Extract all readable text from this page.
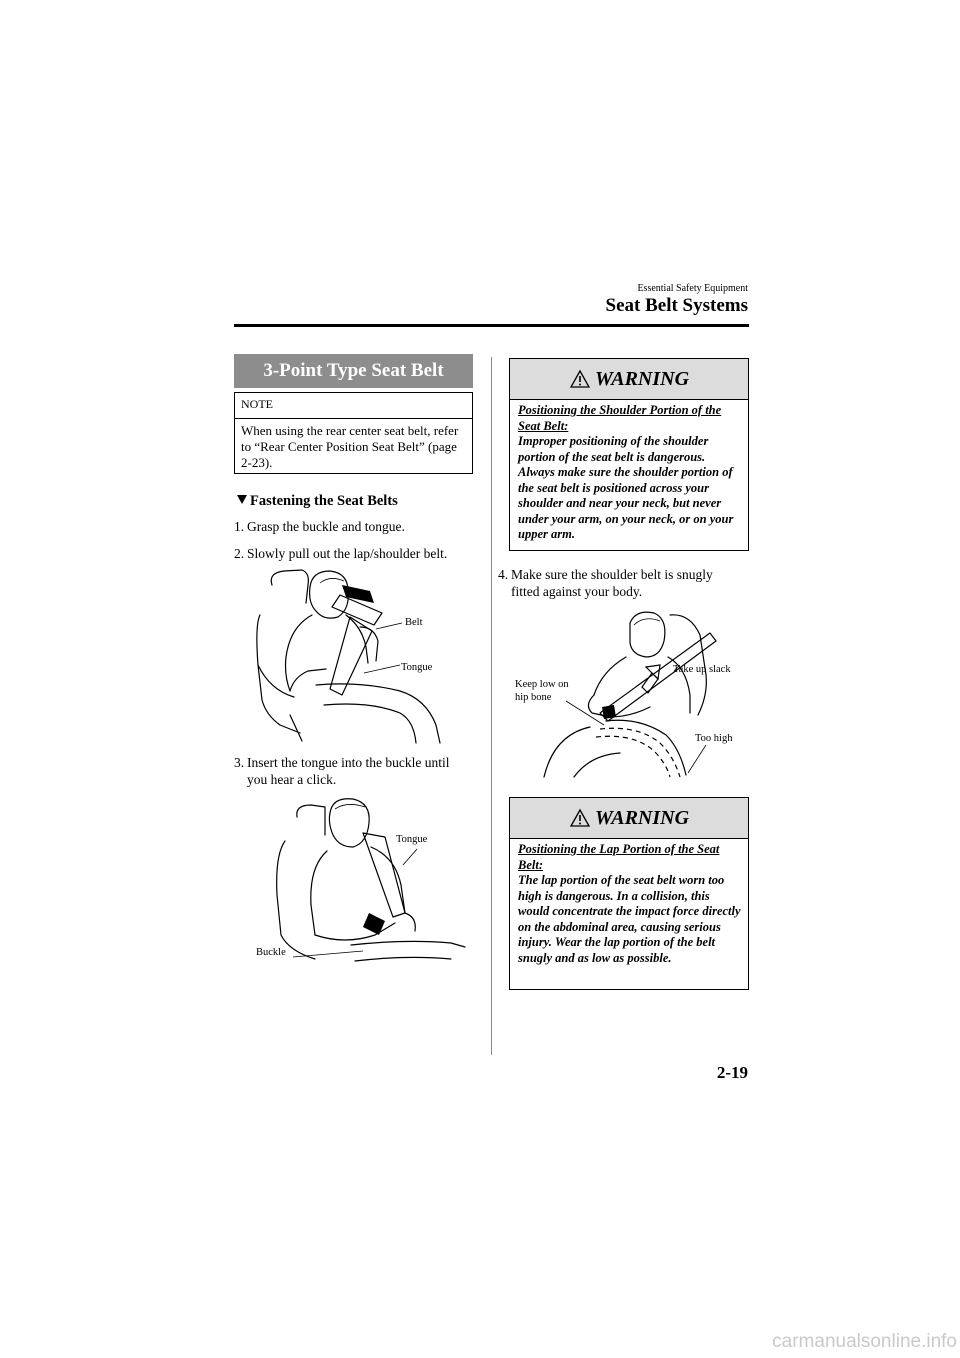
Essential Safety Equipment
Seat Belt Systems
3-Point Type Seat Belt
NOTE
When using the rear center seat belt, refer to “Rear Center Position Seat Belt” (page 2-23).
Fastening the Seat Belts
1. Grasp the buckle and tongue.
2. Slowly pull out the lap/shoulder belt.
Belt
Tongue
3. Insert the tongue into the buckle until
you hear a click.
Tongue
Buckle
WARNING
Positioning the Shoulder Portion of the Seat Belt:
Improper positioning of the shoulder portion of the seat belt is dangerous. Always make sure the shoulder portion of the seat belt is positioned across your shoulder and near your neck, but never under your arm, on your neck, or on your upper arm.
4. Make sure the shoulder belt is snugly
fitted against your body.
Take up slack
Keep low on
hip bone
Too high
WARNING
Positioning the Lap Portion of the Seat Belt:
The lap portion of the seat belt worn too high is dangerous. In a collision, this would concentrate the impact force directly on the abdominal area, causing serious injury. Wear the lap portion of the belt snugly and as low as possible.
2-19
carmanualsonline.info
